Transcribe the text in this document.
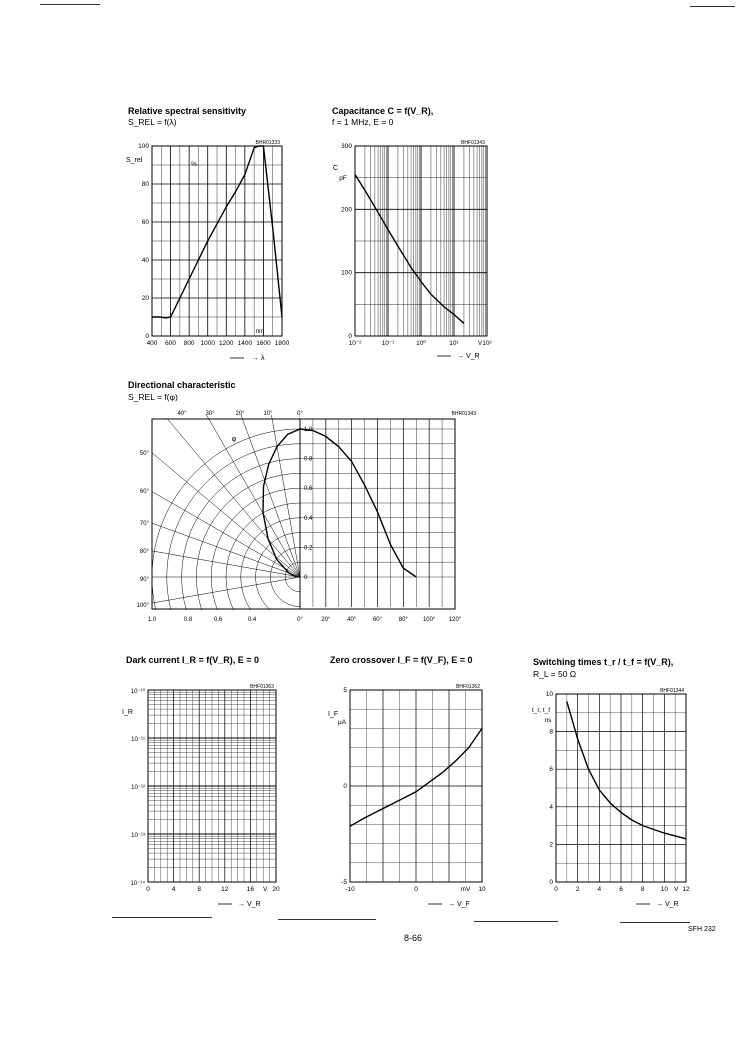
Relative spectral sensitivity
S_REL = f(λ)
400 600 800 1000 1200 1400 1600 1800
0
20
40
60
80
100
S_rel
nm
%
BHR01333
→ λ
Capacitance C = f(V_R),
f = 1 MHz, E = 0
10⁻²	10⁻¹	10⁰	10¹	10²
0
100
200
300
C
pF
V
BHF01343
→ V_R
Directional characteristic
S_REL = f(φ)
40°	30°	20°	10°	0°
50°
60°
70°
80°
90°
100°
1.0	0.8	0.6	0.4
1.0
0.8
0.6
0.4
0.2
0
0°	20°	40°	60°	80°	100° 120°
φ
BHR01343
Dark current I_R = f(V_R), E = 0
0	4	8	12	16 V 20
10⁻¹⁰
10⁻¹¹
10⁻¹²
10⁻¹³
10⁻¹⁴
I_R
BHF01363
→ V_R
Zero crossover I_F = f(V_F), E = 0
-10	0	mV 10
5
0
-5
I_F
μA
BHF01362
→ V_F
Switching times t_r / t_f = f(V_R),
R_L = 50 Ω
0	2	4	6	8 10 V 12
0
2
4
6
8
10
t_r, t_f
ns
BHF01344
→ V_R
8-66
SFH 232
